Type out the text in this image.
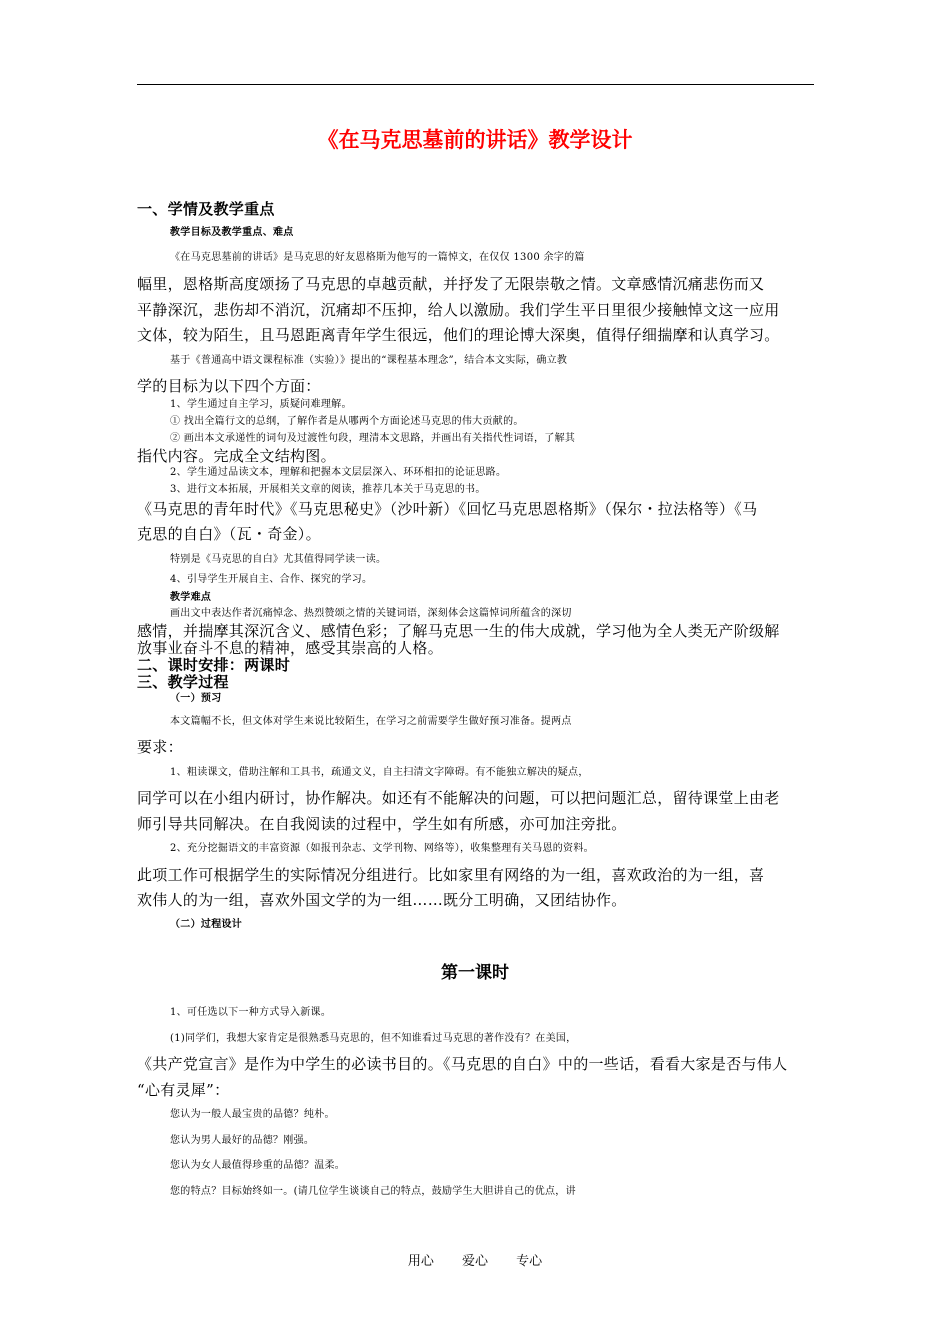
《在马克思墓前的讲话》教学设计
一、学情及教学重点
教学目标及教学重点、难点
《在马克思墓前的讲话》是马克思的好友恩格斯为他写的一篇悼文，在仅仅 1300 余字的篇
幅里，恩格斯高度颂扬了马克思的卓越贡献，并抒发了无限崇敬之情。文章感情沉痛悲伤而又
平静深沉，悲伤却不消沉，沉痛却不压抑，给人以激励。我们学生平日里很少接触悼文这一应用
文体，较为陌生，且马恩距离青年学生很远，他们的理论博大深奥，值得仔细揣摩和认真学习。
基于《普通高中语文课程标准（实验）》提出的“课程基本理念”，结合本文实际，确立教
学的目标为以下四个方面：
1、学生通过自主学习，质疑问难理解。
① 找出全篇行文的总纲，了解作者是从哪两个方面论述马克思的伟大贡献的。
② 画出本文承递性的词句及过渡性句段，理清本文思路，并画出有关指代性词语，了解其
指代内容。完成全文结构图。
2、学生通过品读文本，理解和把握本文层层深入、环环相扣的论证思路。
3、进行文本拓展，开展相关文章的阅读，推荐几本关于马克思的书。
《马克思的青年时代》《马克思秘史》（沙叶新）《回忆马克思恩格斯》（保尔・拉法格等）《马
克思的自白》（瓦・奇金）。
特别是《马克思的自白》尤其值得同学读一读。
4、引导学生开展自主、合作、探究的学习。
教学难点
画出文中表达作者沉痛悼念、热烈赞颂之情的关键词语，深刻体会这篇悼词所蕴含的深切
感情，并揣摩其深沉含义、感情色彩；了解马克思一生的伟大成就，学习他为全人类无产阶级解
放事业奋斗不息的精神，感受其崇高的人格。
二、课时安排：两课时
三、教学过程
（一）预习
本文篇幅不长，但文体对学生来说比较陌生，在学习之前需要学生做好预习准备。提两点
要求：
1、粗读课文，借助注解和工具书，疏通文义，自主扫清文字障碍。有不能独立解决的疑点，
同学可以在小组内研讨，协作解决。如还有不能解决的问题，可以把问题汇总，留待课堂上由老
师引导共同解决。在自我阅读的过程中，学生如有所感，亦可加注旁批。
2、充分挖掘语文的丰富资源（如报刊杂志、文学刊物、网络等），收集整理有关马恩的资料。
此项工作可根据学生的实际情况分组进行。比如家里有网络的为一组，喜欢政治的为一组，喜
欢伟人的为一组，喜欢外国文学的为一组……既分工明确，又团结协作。
（二）过程设计
第一课时
1、可任选以下一种方式导入新课。
(1)同学们，我想大家肯定是很熟悉马克思的，但不知谁看过马克思的著作没有？在美国，
《共产党宣言》是作为中学生的必读书目的。《马克思的自白》中的一些话，看看大家是否与伟人
“心有灵犀”：
您认为一般人最宝贵的品德？纯朴。
您认为男人最好的品德？刚强。
您认为女人最值得珍重的品德？温柔。
您的特点？目标始终如一。(请几位学生谈谈自己的特点，鼓励学生大胆讲自己的优点，讲
用心 爱心 专心
